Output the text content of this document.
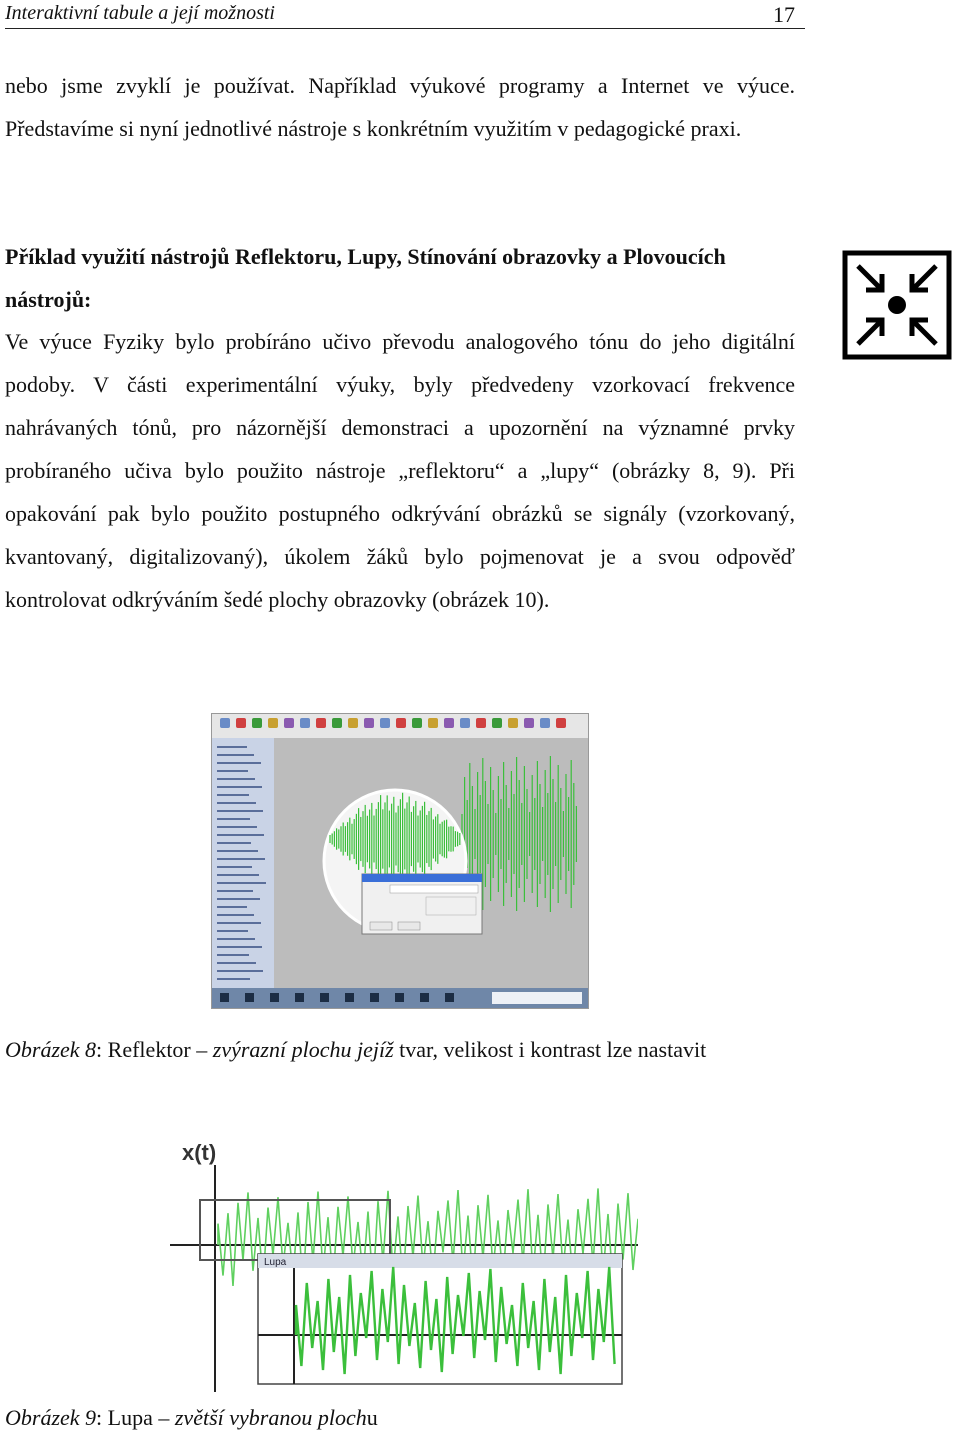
Interaktivní tabule a její možnosti	17

nebo jsme zvyklí je používat. Například výukové programy a Internet ve výuce. Představíme si nyní jednotlivé nástroje s konkrétním využitím v pedagogické praxi.

Příklad využití nástrojů Reflektoru, Lupy, Stínování obrazovky a Plovoucích nástrojů:

Ve výuce Fyziky bylo probíráno učivo převodu analogového tónu do jeho digitální podoby. V části experimentální výuky, byly předvedeny vzorkovací frekvence nahrávaných tónů, pro názornější demonstraci a upozornění na významné prvky probíraného učiva bylo použito nástroje „reflektoru“ a „lupy“ (obrázky 8, 9). Při opakování pak bylo použito postupného odkrývání obrázků se signály (vzorkovaný, kvantovaný, digitalizovaný), úkolem žáků bylo pojmenovat je a svou odpověď kontrolovat odkrýváním šedé plochy obrazovky (obrázek 10).

Obrázek 8: Reflektor – zvýrazní plochu jejíž tvar, velikost i kontrast lze nastavit

x(t)
Lupa

Obrázek 9: Lupa – zvětší vybranou plochu
